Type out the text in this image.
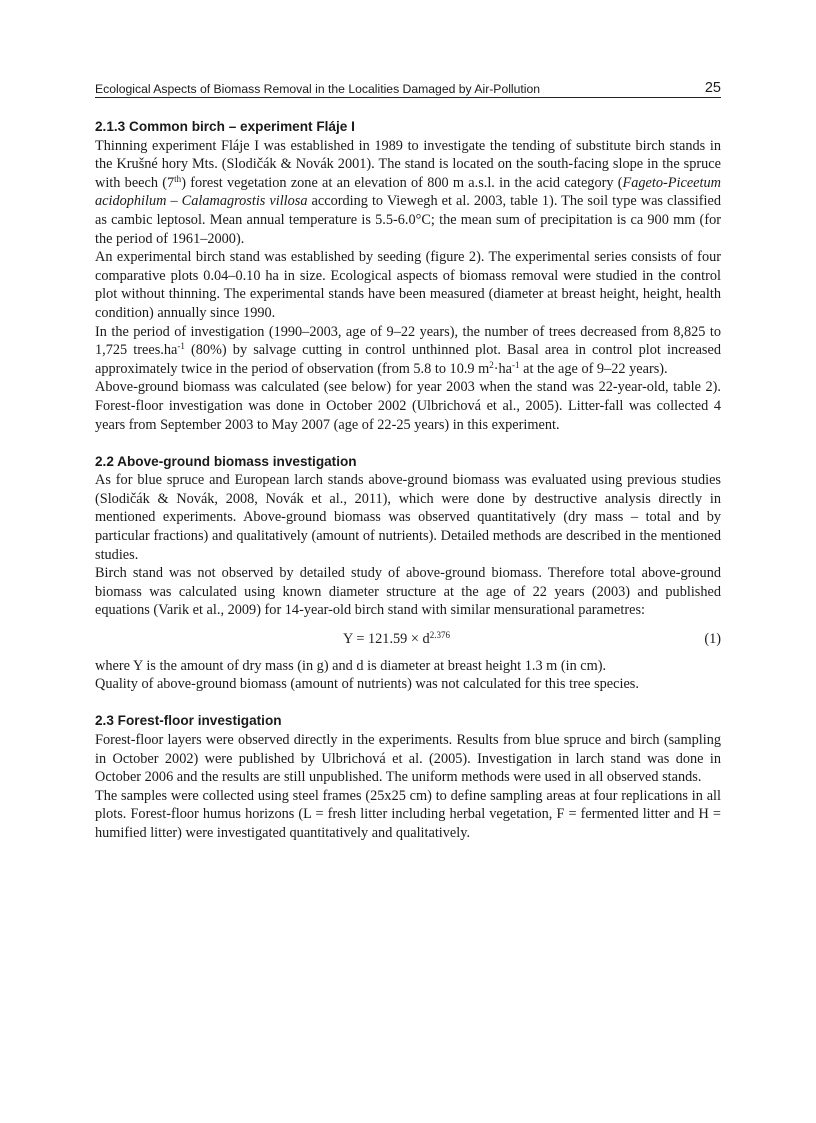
Ecological Aspects of Biomass Removal in the Localities Damaged by Air-Pollution	25
2.1.3 Common birch – experiment Fláje I

Thinning experiment Fláje I was established in 1989 to investigate the tending of substitute birch stands in the Krušné hory Mts. (Slodičák & Novák 2001). The stand is located on the south-facing slope in the spruce with beech (7th) forest vegetation zone at an elevation of 800 m a.s.l. in the acid category (Fageto-Piceetum acidophilum – Calamagrostis villosa according to Viewegh et al. 2003, table 1). The soil type was classified as cambic leptosol. Mean annual temperature is 5.5-6.0°C; the mean sum of precipitation is ca 900 mm (for the period of 1961–2000).

An experimental birch stand was established by seeding (figure 2). The experimental series consists of four comparative plots 0.04–0.10 ha in size. Ecological aspects of biomass removal were studied in the control plot without thinning. The experimental stands have been measured (diameter at breast height, height, health condition) annually since 1990.

In the period of investigation (1990–2003, age of 9–22 years), the number of trees decreased from 8,825 to 1,725 $trees.ha^{-1}$ (80%) by salvage cutting in control unthinned plot. Basal area in control plot increased approximately twice in the period of observation (from 5.8 to 10.9 $m^2\cdot ha^{-1}$ at the age of 9–22 years).

Above-ground biomass was calculated (see below) for year 2003 when the stand was 22-year-old, table 2). Forest-floor investigation was done in October 2002 (Ulbrichová et al., 2005). Litter-fall was collected 4 years from September 2003 to May 2007 (age of 22-25 years) in this experiment.

2.2 Above-ground biomass investigation

As for blue spruce and European larch stands above-ground biomass was evaluated using previous studies (Slodičák & Novák, 2008, Novák et al., 2011), which were done by destructive analysis directly in mentioned experiments. Above-ground biomass was observed quantitatively (dry mass – total and by particular fractions) and qualitatively (amount of nutrients). Detailed methods are described in the mentioned studies.

Birch stand was not observed by detailed study of above-ground biomass. Therefore total above-ground biomass was calculated using known diameter structure at the age of 22 years (2003) and published equations (Varik et al., 2009) for 14-year-old birch stand with similar mensurational parametres:

$Y = 121.59 \times d^{2.376}$	(1)

where Y is the amount of dry mass (in g) and d is diameter at breast height 1.3 m (in cm).

Quality of above-ground biomass (amount of nutrients) was not calculated for this tree species.

2.3 Forest-floor investigation

Forest-floor layers were observed directly in the experiments. Results from blue spruce and birch (sampling in October 2002) were published by Ulbrichová et al. (2005). Investigation in larch stand was done in October 2006 and the results are still unpublished. The uniform methods were used in all observed stands.

The samples were collected using steel frames (25x25 cm) to define sampling areas at four replications in all plots. Forest-floor humus horizons (L = fresh litter including herbal vegetation, F = fermented litter and H = humified litter) were investigated quantitatively and qualitatively.
